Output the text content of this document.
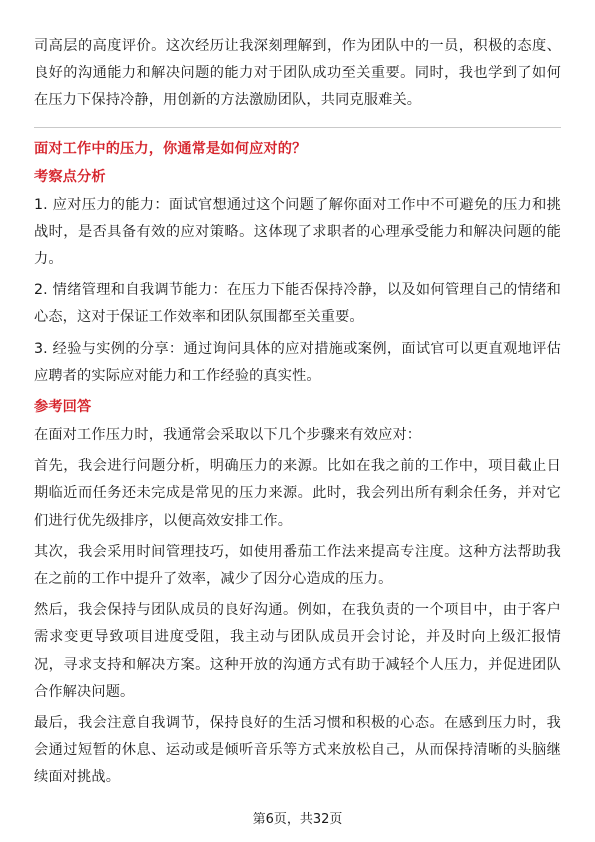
司高层的高度评价。这次经历让我深刻理解到，作为团队中的一员，积极的态度、良好的沟通能力和解决问题的能力对于团队成功至关重要。同时，我也学到了如何在压力下保持冷静，用创新的方法激励团队，共同克服难关。

面对工作中的压力，你通常是如何应对的？
考察点分析

1. 应对压力的能力：面试官想通过这个问题了解你面对工作中不可避免的压力和挑战时，是否具备有效的应对策略。这体现了求职者的心理承受能力和解决问题的能力。

2. 情绪管理和自我调节能力：在压力下能否保持冷静，以及如何管理自己的情绪和心态，这对于保证工作效率和团队氛围都至关重要。

3. 经验与实例的分享：通过询问具体的应对措施或案例，面试官可以更直观地评估应聘者的实际应对能力和工作经验的真实性。

参考回答

在面对工作压力时，我通常会采取以下几个步骤来有效应对：

首先，我会进行问题分析，明确压力的来源。比如在我之前的工作中，项目截止日期临近而任务还未完成是常见的压力来源。此时，我会列出所有剩余任务，并对它们进行优先级排序，以便高效安排工作。

其次，我会采用时间管理技巧，如使用番茄工作法来提高专注度。这种方法帮助我在之前的工作中提升了效率，减少了因分心造成的压力。

然后，我会保持与团队成员的良好沟通。例如，在我负责的一个项目中，由于客户需求变更导致项目进度受阻，我主动与团队成员开会讨论，并及时向上级汇报情况，寻求支持和解决方案。这种开放的沟通方式有助于减轻个人压力，并促进团队合作解决问题。

最后，我会注意自我调节，保持良好的生活习惯和积极的心态。在感到压力时，我会通过短暂的休息、运动或是倾听音乐等方式来放松自己，从而保持清晰的头脑继续面对挑战。

第6页，共32页
